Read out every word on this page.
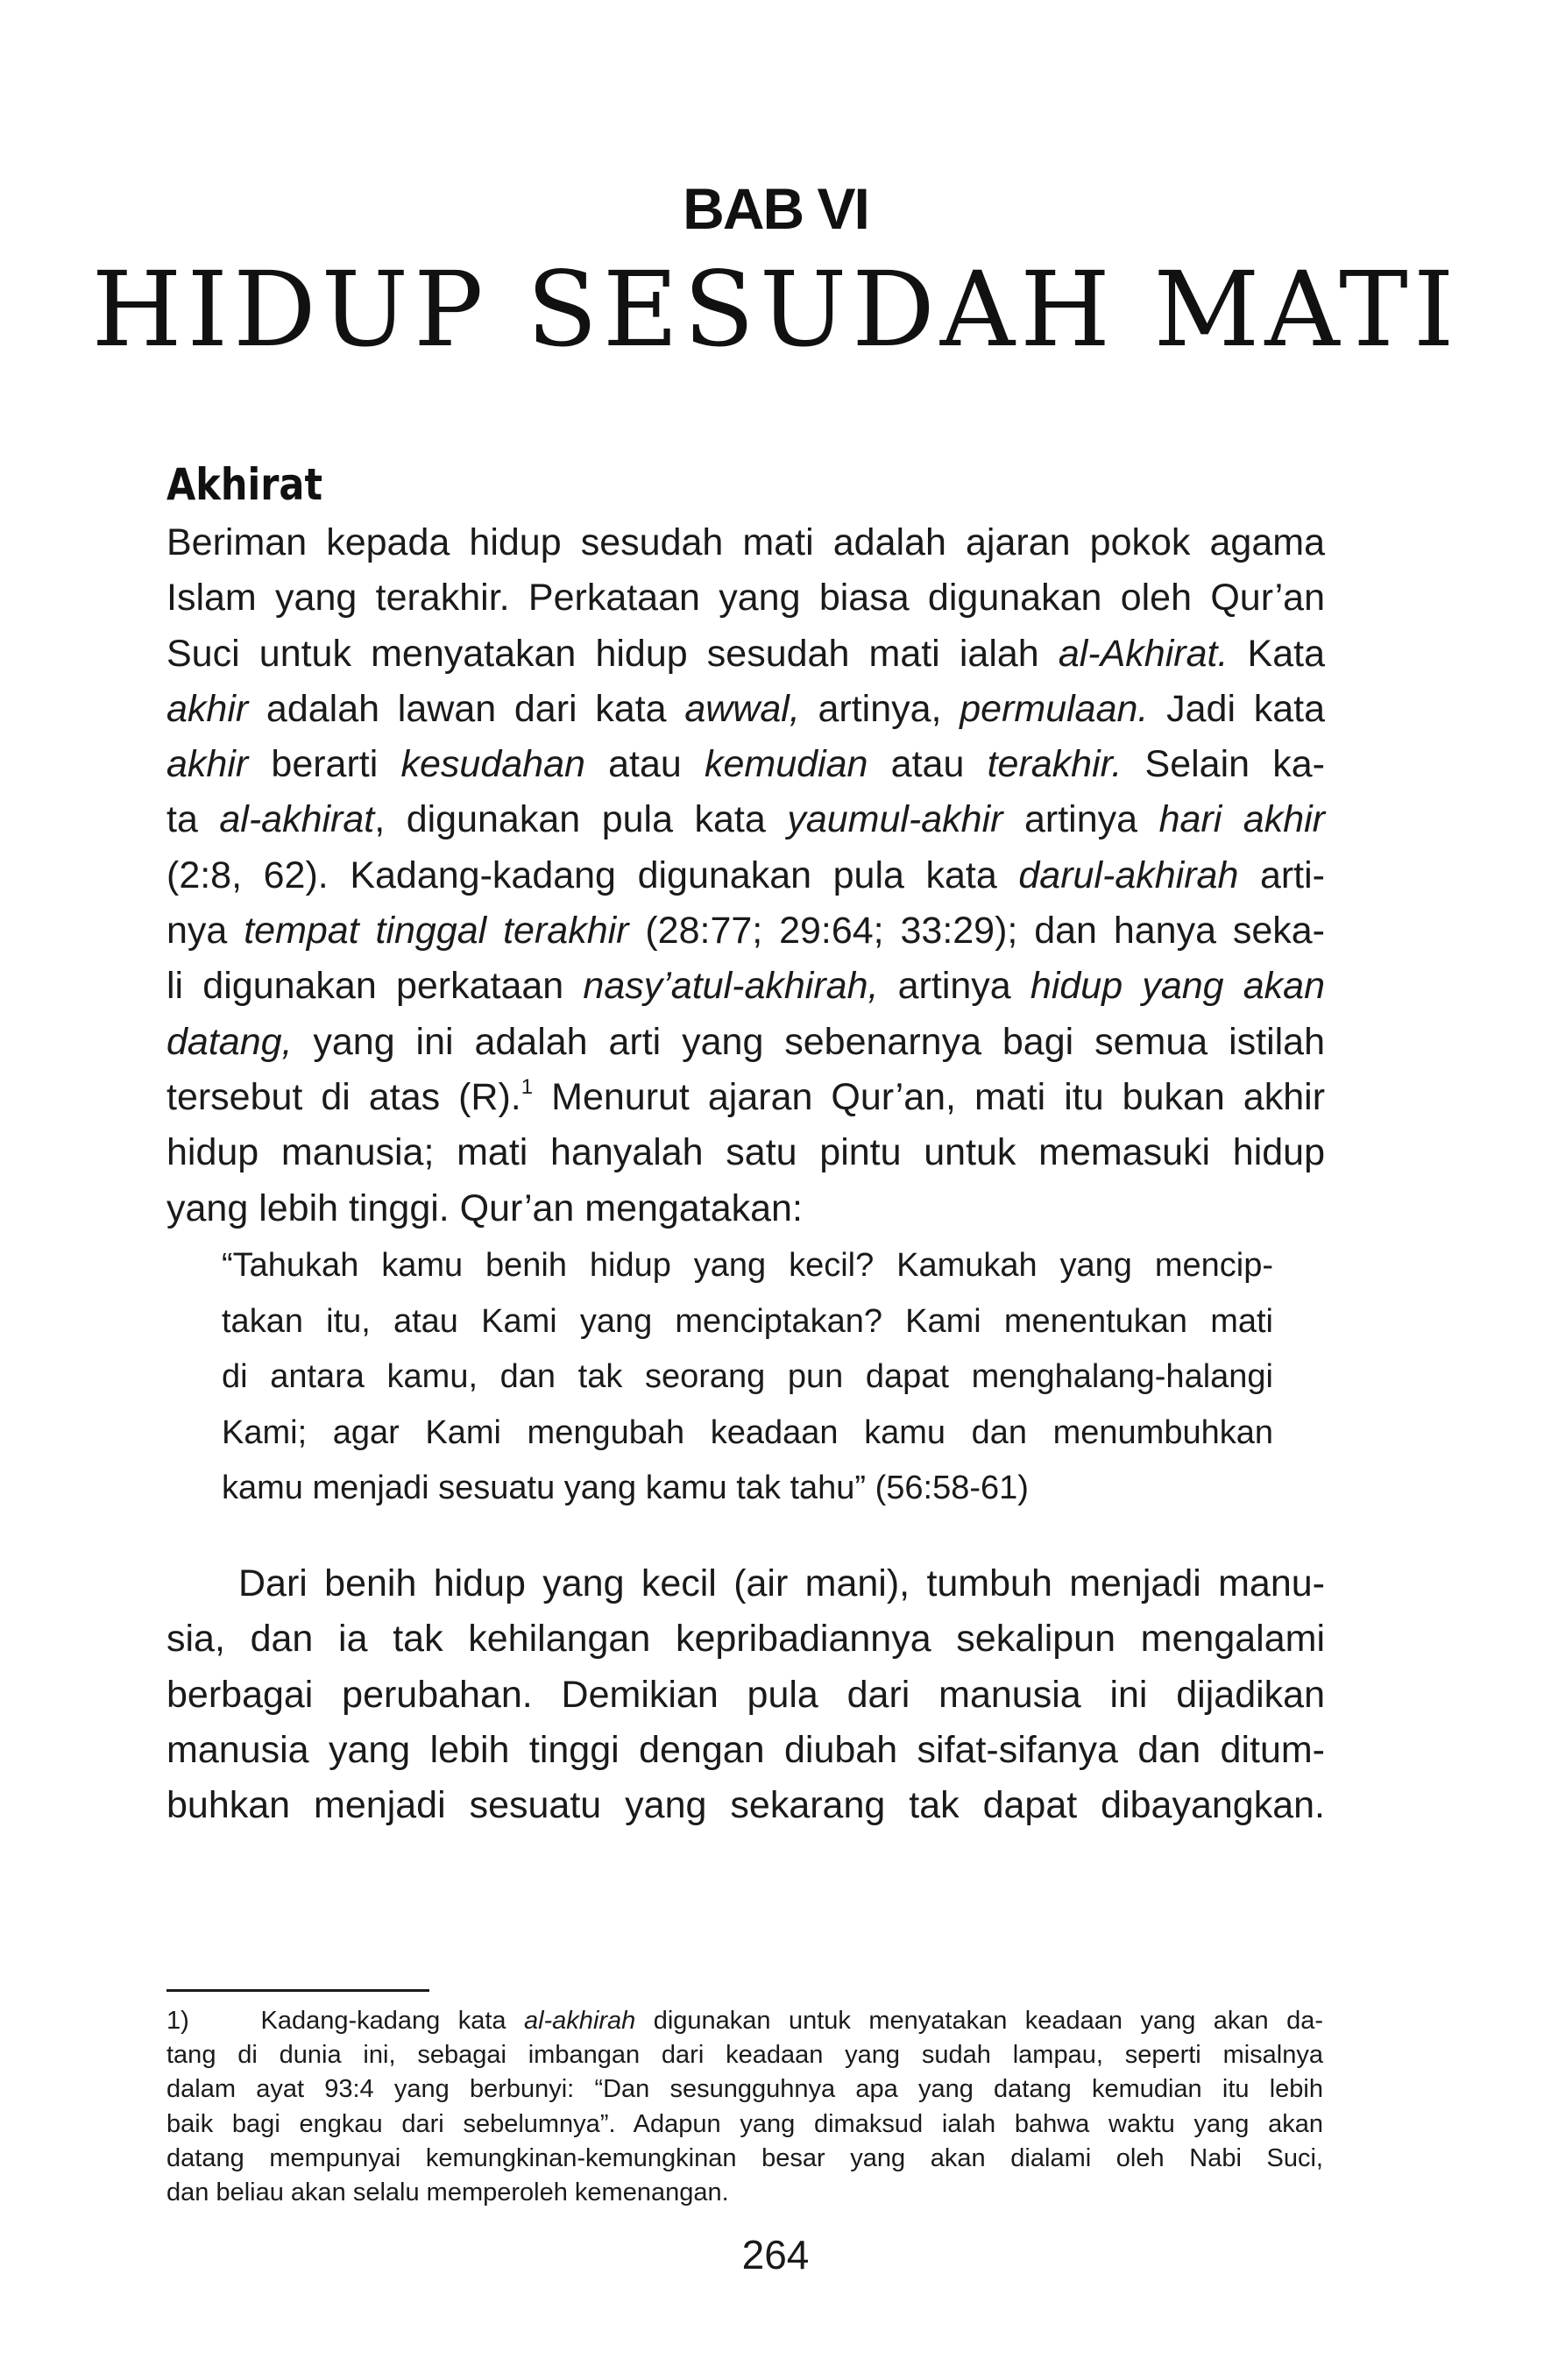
BAB VI
HIDUP SESUDAH MATI
Akhirat
Beriman kepada hidup sesudah mati adalah ajaran pokok agama
Islam yang terakhir. Perkataan yang biasa digunakan oleh Qur’an
Suci untuk menyatakan hidup sesudah mati ialah al-Akhirat. Kata
akhir adalah lawan dari kata awwal, artinya, permulaan. Jadi kata
akhir berarti kesudahan atau kemudian atau terakhir. Selain ka-
ta al-akhirat, digunakan pula kata yaumul-akhir artinya hari akhir
(2:8, 62). Kadang-kadang digunakan pula kata darul-akhirah arti-
nya tempat tinggal terakhir (28:77; 29:64; 33:29); dan hanya seka-
li digunakan perkataan nasy’atul-akhirah, artinya hidup yang akan
datang, yang ini adalah arti yang sebenarnya bagi semua istilah
tersebut di atas (R).$^1$ Menurut ajaran Qur’an, mati itu bukan akhir
hidup manusia; mati hanyalah satu pintu untuk memasuki hidup
yang lebih tinggi. Qur’an mengatakan:
“Tahukah kamu benih hidup yang kecil? Kamukah yang mencip-
takan itu, atau Kami yang menciptakan? Kami menentukan mati
di antara kamu, dan tak seorang pun dapat menghalang-halangi
Kami; agar Kami mengubah keadaan kamu dan menumbuhkan
kamu menjadi sesuatu yang kamu tak tahu” (56:58-61)
Dari benih hidup yang kecil (air mani), tumbuh menjadi manu-
sia, dan ia tak kehilangan kepribadiannya sekalipun mengalami
berbagai perubahan. Demikian pula dari manusia ini dijadikan
manusia yang lebih tinggi dengan diubah sifat-sifanya dan ditum-
buhkan menjadi sesuatu yang sekarang tak dapat dibayangkan.
1)    Kadang-kadang kata al-akhirah digunakan untuk menyatakan keadaan yang akan da-
tang di dunia ini, sebagai imbangan dari keadaan yang sudah lampau, seperti misalnya
dalam ayat 93:4 yang berbunyi: “Dan sesungguhnya apa yang datang kemudian itu lebih
baik bagi engkau dari sebelumnya”. Adapun yang dimaksud ialah bahwa waktu yang akan
datang mempunyai kemungkinan-kemungkinan besar yang akan dialami oleh Nabi Suci,
dan beliau akan selalu memperoleh kemenangan.
264
